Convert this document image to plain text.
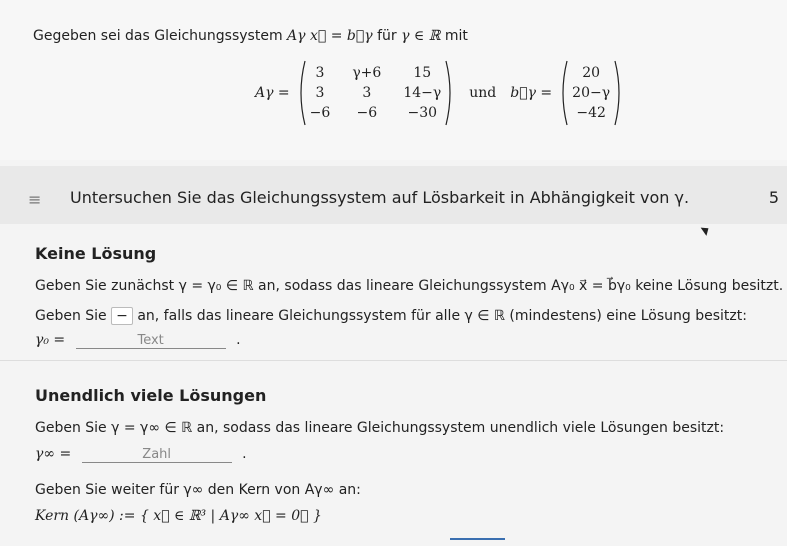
Gegeben sei das Gleichungssystem Aγ x⃗ = b⃗γ für γ ∈ ℝ mit
Aγ =
3	γ+6	15
3	3	14−γ
−6 −6 −30
und b⃗γ =
20
20−γ
−42
≡ Untersuchen Sie das Gleichungssystem auf Lösbarkeit in Abhängigkeit von γ.	5
Keine Lösung
Geben Sie zunächst γ = γ₀ ∈ ℝ an, sodass das lineare Gleichungssystem Aγ₀ x⃗ = b⃗γ₀ keine Lösung besitzt.
Geben Sie − an, falls das lineare Gleichungssystem für alle γ ∈ ℝ (mindestens) eine Lösung besitzt:
γ₀ =	Text	.
Unendlich viele Lösungen
Geben Sie γ = γ∞ ∈ ℝ an, sodass das lineare Gleichungssystem unendlich viele Lösungen besitzt:
γ∞ =	Zahl	.
Geben Sie weiter für γ∞ den Kern von Aγ∞ an:
Kern (Aγ∞) := { x⃗ ∈ ℝ³ | Aγ∞ x⃗ = 0⃗ }
